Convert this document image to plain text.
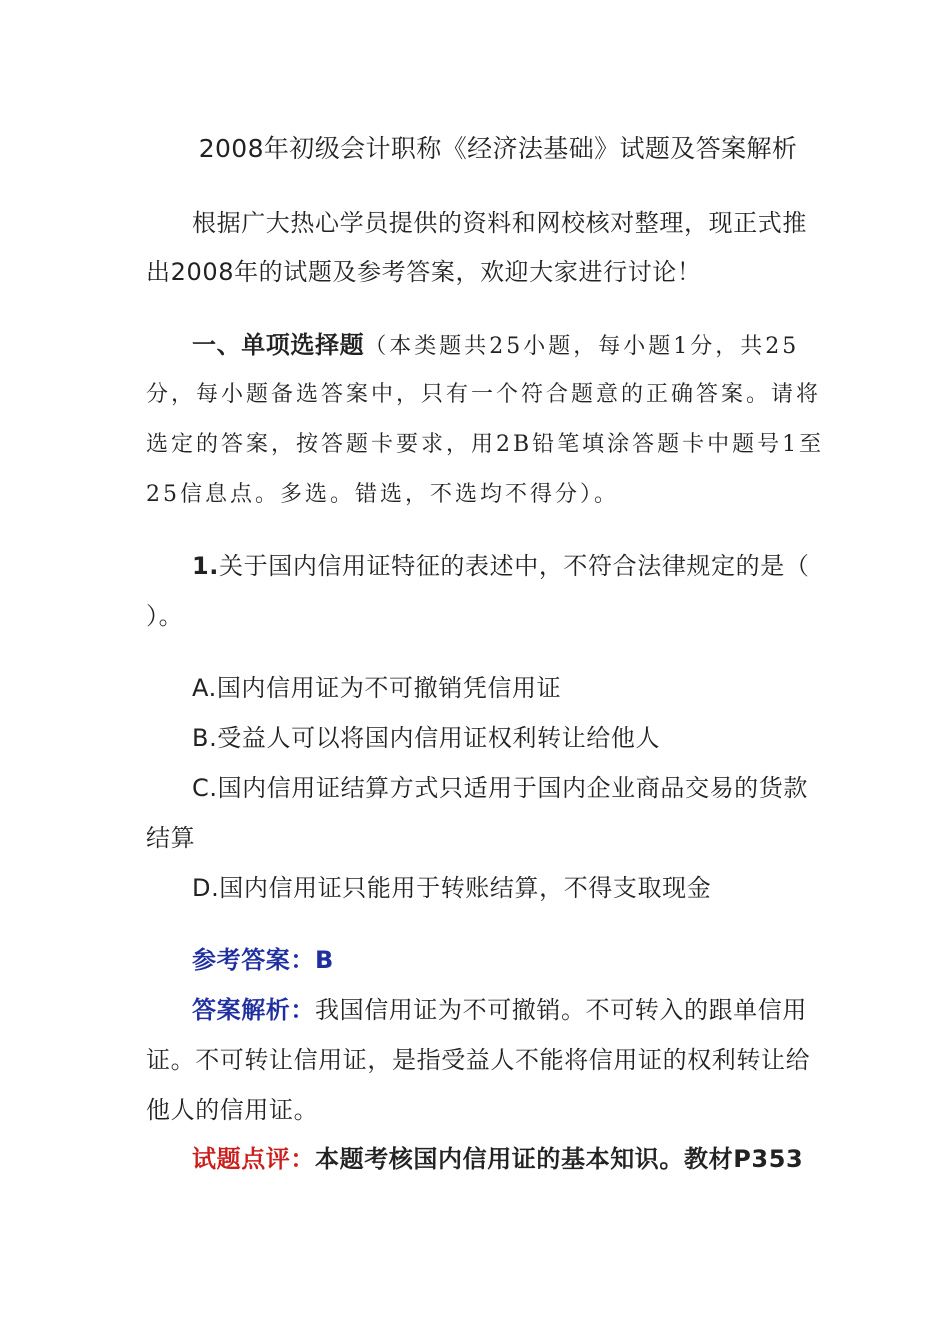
2008年初级会计职称《经济法基础》试题及答案解析
根据广大热心学员提供的资料和网校核对整理，现正式推
出2008年的试题及参考答案，欢迎大家进行讨论！
一、单项选择题（本类题共25小题，每小题1分，共25
分，每小题备选答案中，只有一个符合题意的正确答案。请将
选定的答案，按答题卡要求，用2B铅笔填涂答题卡中题号1至
25信息点。多选。错选，不选均不得分）。
1.关于国内信用证特征的表述中，不符合法律规定的是（
）。
A.国内信用证为不可撤销凭信用证
B.受益人可以将国内信用证权利转让给他人
C.国内信用证结算方式只适用于国内企业商品交易的货款
结算
D.国内信用证只能用于转账结算，不得支取现金
参考答案：B
答案解析：我国信用证为不可撤销。不可转入的跟单信用
证。不可转让信用证，是指受益人不能将信用证的权利转让给
他人的信用证。
试题点评：本题考核国内信用证的基本知识。教材P353
